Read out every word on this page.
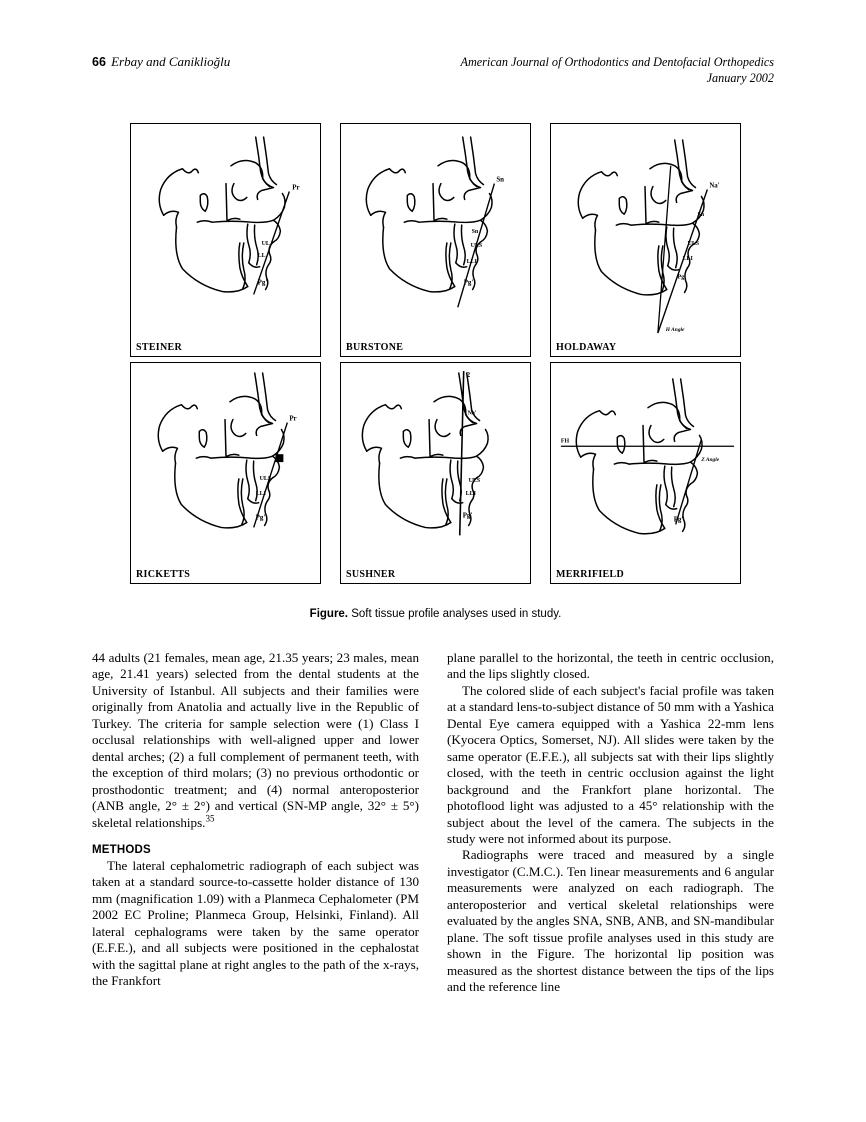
66 Erbay and Caniklioğlu	American Journal of Orthodontics and Dentofacial Orthopedics
January 2002
Pr
UL
LL
Pg'
STEINER
Sn
Sn
ULS
LLI
Pg'
BURSTONE
Na'
Sn
ULS
LLI
Pg'
H Angle
HOLDAWAY
Pr
ULS
LLI
Pg'
RICKETTS
2
Na'
ULS
LLI
Pg'
SUSHNER
FH
Z Angle
Pg'
MERRIFIELD
Figure. Soft tissue profile analyses used in study.

44 adults (21 females, mean age, 21.35 years; 23 males, mean age, 21.41 years) selected from the dental students at the University of Istanbul. All subjects and their families were originally from Anatolia and actually live in the Republic of Turkey. The criteria for sample selection were (1) Class I occlusal relationships with well-aligned upper and lower dental arches; (2) a full complement of permanent teeth, with the exception of third molars; (3) no previous orthodontic or prosthodontic treatment; and (4) normal anteroposterior (ANB angle, 2° ± 2°) and vertical (SN-MP angle, 32° ± 5°) skeletal relationships.$^{35}$

METHODS

The lateral cephalometric radiograph of each subject was taken at a standard source-to-cassette holder distance of 130 mm (magnification 1.09) with a Planmeca Cephalometer (PM 2002 EC Proline; Planmeca Group, Helsinki, Finland). All lateral cephalograms were taken by the same operator (E.F.E.), and all subjects were positioned in the cephalostat with the sagittal plane at right angles to the path of the x-rays, the Frankfort

plane parallel to the horizontal, the teeth in centric occlusion, and the lips slightly closed.

The colored slide of each subject's facial profile was taken at a standard lens-to-subject distance of 50 mm with a Yashica Dental Eye camera equipped with a Yashica 22-mm lens (Kyocera Optics, Somerset, NJ). All slides were taken by the same operator (E.F.E.), all subjects sat with their lips slightly closed, with the teeth in centric occlusion against the light background and the Frankfort plane horizontal. The photoflood light was adjusted to a 45° relationship with the subject about the level of the camera. The subjects in the study were not informed about its purpose.

Radiographs were traced and measured by a single investigator (C.M.C.). Ten linear measurements and 6 angular measurements were analyzed on each radiograph. The anteroposterior and vertical skeletal relationships were evaluated by the angles SNA, SNB, ANB, and SN-mandibular plane. The soft tissue profile analyses used in this study are shown in the Figure. The horizontal lip position was measured as the shortest distance between the tips of the lips and the reference line
